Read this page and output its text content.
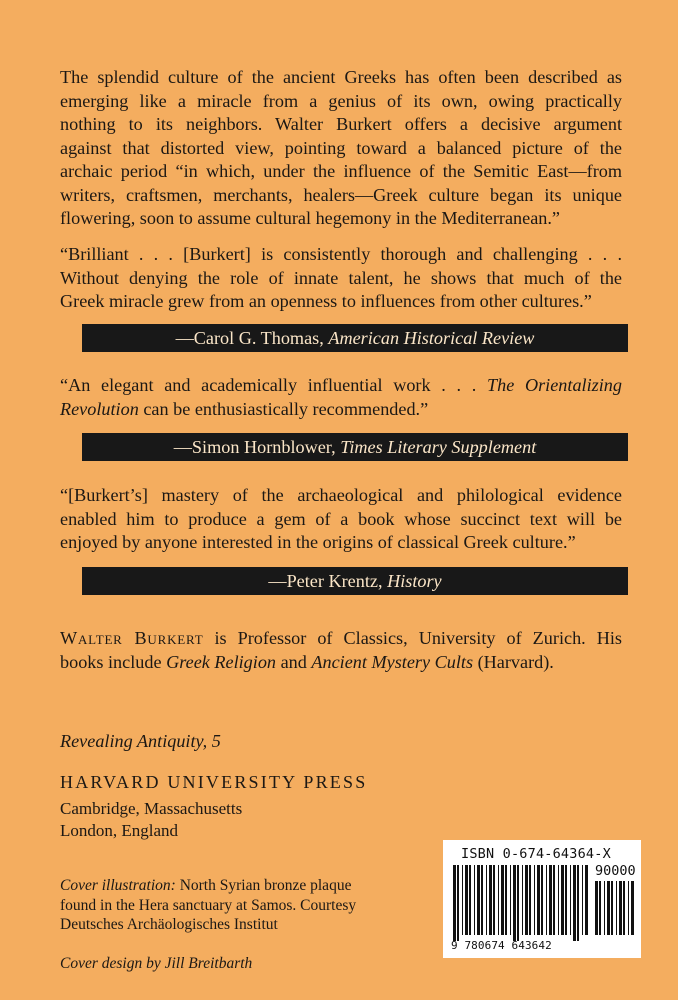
The splendid culture of the ancient Greeks has often been described as
emerging like a miracle from a genius of its own, owing practically
nothing to its neighbors. Walter Burkert offers a decisive argument
against that distorted view, pointing toward a balanced picture of the
archaic period “in which, under the influence of the Semitic East—from
writers, craftsmen, merchants, healers—Greek culture began its unique
flowering, soon to assume cultural hegemony in the Mediterranean.”

“Brilliant . . . [Burkert] is consistently thorough and challenging . . .
Without denying the role of innate talent, he shows that much of the
Greek miracle grew from an openness to influences from other cultures.”

—Carol G. Thomas, American Historical Review

“An elegant and academically influential work . . . The Orientalizing
Revolution can be enthusiastically recommended.”

—Simon Hornblower, Times Literary Supplement

“[Burkert’s] mastery of the archaeological and philological evidence
enabled him to produce a gem of a book whose succinct text will be
enjoyed by anyone interested in the origins of classical Greek culture.”

—Peter Krentz, History

Walter Burkert is Professor of Classics, University of Zurich. His
books include Greek Religion and Ancient Mystery Cults (Harvard).

Revealing Antiquity, 5

HARVARD UNIVERSITY PRESS

Cambridge, Massachusetts

London, England

Cover illustration: North Syrian bronze plaque

found in the Hera sanctuary at Samos. Courtesy

Deutsches Archäologisches Institut

Cover design by Jill Breitbarth

ISBN 0-674-64364-X
90000
9 780674 643642
